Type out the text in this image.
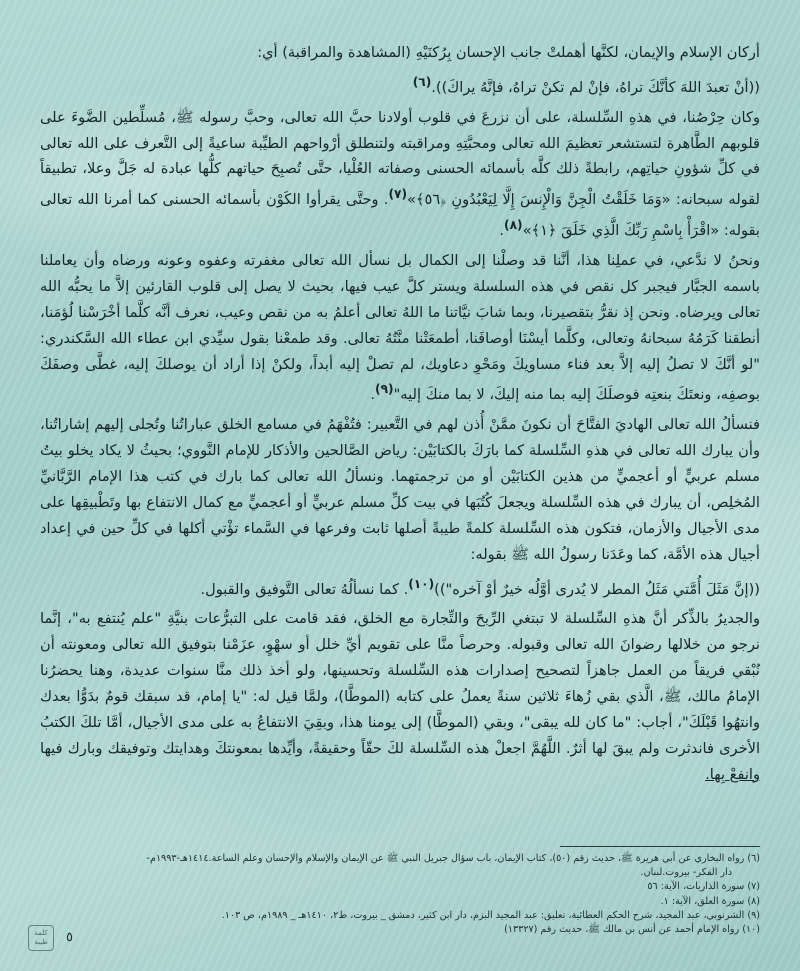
أركان الإسلام والإيمان، لكنَّها أهملتْ جانب الإحسان بِرُكنَيْهِ (المشاهدة والمراقبة) أي:

((أنْ تعبدَ اللهَ كأنَّكَ تراهُ، فإنْ لم تكنْ تراهُ، فإنَّهُ يراكَ)).$^{(٦)}$

وكان حِرْصُنا، في هذهِ السِّلسلة، على أن نزرعَ في قلوب أولادنا حبَّ الله تعالى، وحبَّ رسوله ﷺ، مُسلِّطين الضَّوءَ على قلوبهم الطَّاهرة لتستشعر تعظيمَ الله تعالى ومحبَّتِهِ ومراقبته ولتنطلق أرْواحهم الطيِّبة ساعيةً إلى التَّعرف على الله تعالى في كلِّ شؤونِ حياتِهم، رابطةً ذلك كلَّه بأسمائه الحسنى وصفاته العُلْيا، حتَّى تُصبِحَ حياتهم كلُّها عبادة له جَلَّ وعلا، تطبيقاً لقوله سبحانه: «وَمَا خَلَقْتُ الْجِنَّ وَالْإِنسَ إِلَّا لِيَعْبُدُونِ ﴿٥٦﴾»$^{(٧)}$. وحتَّى يقرأوا الكَوْن بأسمائه الحسنى كما أمرنا الله تعالى بقوله: «اقْرَأْ بِاسْمِ رَبِّكَ الَّذِي خَلَقَ ﴿١﴾»$^{(٨)}$.

ونحنُ لا ندَّعي، في عملِنا هذا، أنَّنا قد وصلْنا إلى الكمال بل نسأل الله تعالى مغفرته وعفوه وعونه ورضاه وأن يعاملنا باسمه الجبَّار فيجبر كل نقص في هذه السلسلة ويستر كلَّ عيب فيها، بحيث لا يصل إلى قلوب القارئين إلاَّ ما يحبُّه الله تعالى ويرضاه. ونحن إذ نقرُّ بتقصيرنا، وبما شابَ نيَّاتنا ما اللهُ تعالى أعلمُ به من نقص وعيب، نعرف أنَّه كلَّما أخْرَسْنا لُؤمَنا، أنطقنا كَرَمُهُ سبحانهُ وتعالى، وكلَّما أيسْنَا أوصافَنا، أطمعَتْنا منَّتُهُ تعالى. وقد طمعْنا بقول سيِّدي ابن عطاء الله السَّكندري: "لو أنَّكَ لا تصلُ إليه إلاَّ بعد فناء مساويكَ ومَحْوِ دعاويك، لم تصلْ إليه أبداً، ولكنْ إذا أراد أن يوصلكَ إليه، غطَّى وصفَكَ بوصفِه، ونعتَكَ بنعتِه فوصلَكَ إليه بما منه إليكَ، لا بما منكَ إليه"$^{(٩)}$.

فنسألُ الله تعالى الهاديَ الفتَّاحَ أن نكونَ ممَّنْ أُذن لهم في التَّعبير: فتُفْهَمُ في مسامع الخلق عباراتُنا وتُجلى إليهم إشاراتُنا، وأن يبارك الله تعالى في هذهِ السِّلسلة كما بارَكَ بالكتابَيْن: رياض الصَّالحين والأذكار للإمام النَّووي؛ بحيثُ لا يكاد يخلو بيتُ مسلم عربيٍّ أو أعجميٍّ من هذين الكتابَيْن أو من ترجمتهما. ونسألُ الله تعالى كما بارك في كتب هذا الإمام الرَّبَّانيِّ المُخلِص، أن يبارك في هذه السِّلسلة ويجعلَ كُتُبَها في بيت كلِّ مسلم عربيٍّ أو أعجميٍّ مع كمال الانتفاع بها وتَطْبيقِها على مدى الأجيال والأزمان، فتكون هذه السِّلسلة كلمةً طيبةً أصلها ثابت وفرعها في السَّماء تؤْتي أكلها في كلِّ حين في إعداد أجيال هذه الأمَّة، كما وعَدَنا رسولُ الله ﷺ بقوله:

((إنَّ مَثَلَ أُمَّتي مَثَلُ المطر لا يُدرى أوَّلُه خيرٌ أوْ آخره"))$^{(١٠)}$. كما نسألُهُ تعالى التَّوفيق والقبول.

والجديرُ بالذِّكر أنَّ هذهِ السِّلسلة لا تبتغي الرِّبحَ والتِّجارة مع الخلق، فقد قامت على التبرُّعات بنيَّةِ "علم يُنتفع به"، إنَّما نرجو من خلالها رضوانَ الله تعالى وقبوله. وحرصاً منَّا على تقويم أيِّ خلل أو سهْوٍ، عزَمْنا بتوفيق الله تعالى ومعونته أن نُبْقي فريقاً من العمل جاهزاً لتصحيح إصدارات هذه السِّلسلة وتحسينها، ولو أخذ ذلك منَّا سنوات عديدة، وهنا يحضرُنا الإمامُ مالك، ﷺ، الَّذي بقي زُهاءَ ثلاثين سنةً يعملُ على كتابه (الموطَّا)، ولمَّا قيل له: "يا إمام، قد سبقك قومٌ بدَوُّا بعدك وانتهُوا قَبْلَكَ"، أجاب: "ما كان لله يبقى"، وبقي (الموطَّا) إلى يومنا هذا، وبقِيَ الانتفاعُ به على مدى الأجيال، أمَّا تلكَ الكتبُ الأخرى فاندثرت ولم يبقَ لها أثرٌ. اللَّهُمَّ اجعلْ هذه السِّلسلة لكَ حقّاً وحقيقةً، وأيِّدها بمعونتكَ وهدايتك وتوفيقك وبارك فيها وانفعْ بِها.

(٦) رواه البخاري عن أبي هريرة ﷺ، حديث رقم (٥٠)، كتاب الإيمان، باب سؤال جبريل النبي ﷺ عن الإيمان والإسلام والإحسان وعلم الساعة.١٤١٤هـ-١٩٩٣م-
دار الفكر- بيروت.لبنان.
(٧) سورة الذاريات، الآية: ٥٦
(٨) سورة العلق، الآية: ١.
(٩) الشرنوبي، عبد المجيد، شرح الحكم العطائية، تعليق: عبد المجيد البزم، دار ابن كثير، دمشق _ بيروت، ط٢، ١٤١٠هـ _ ١٩٨٩م، ص ١٠٣.
(١٠) رواه الإمام أحمد عن أنس بن مالك ﷺ، حديث رقم (١٣٣٢٧)
٥
كلمة طيبة
